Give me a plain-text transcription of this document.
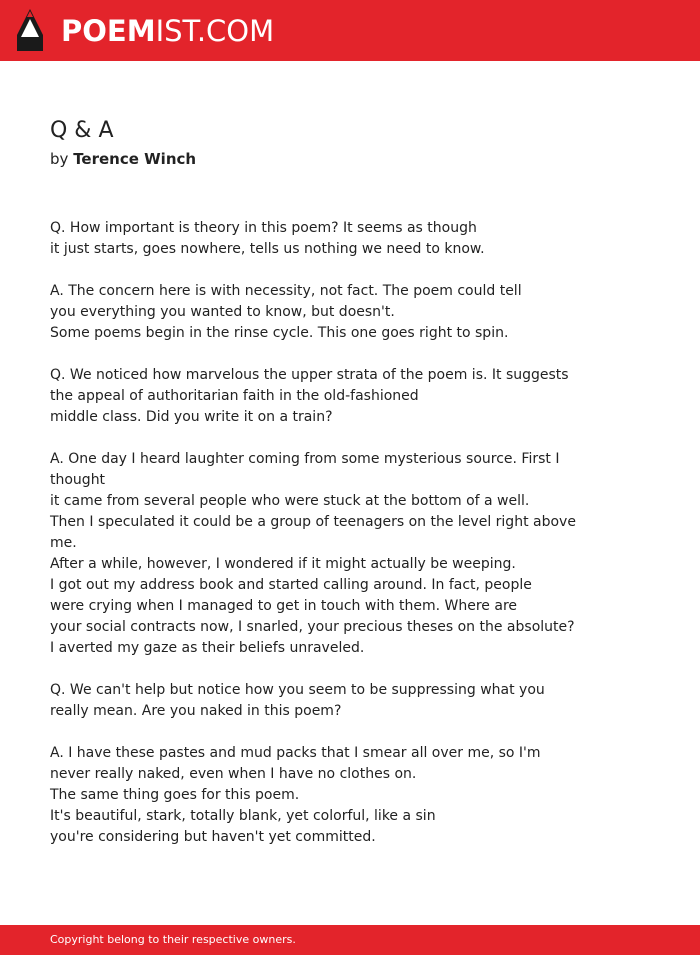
POEMIST.COM
Q & A
by Terence Winch
Q. How important is theory in this poem? It seems as though
it just starts, goes nowhere, tells us nothing we need to know.
A. The concern here is with necessity, not fact. The poem could tell
you everything you wanted to know, but doesn't.
Some poems begin in the rinse cycle. This one goes right to spin.
Q. We noticed how marvelous the upper strata of the poem is. It suggests
the appeal of authoritarian faith in the old-fashioned
middle class. Did you write it on a train?
A. One day I heard laughter coming from some mysterious source. First I
thought
it came from several people who were stuck at the bottom of a well.
Then I speculated it could be a group of teenagers on the level right above
me.
After a while, however, I wondered if it might actually be weeping.
I got out my address book and started calling around. In fact, people
were crying when I managed to get in touch with them. Where are
your social contracts now, I snarled, your precious theses on the absolute?
I averted my gaze as their beliefs unraveled.
Q. We can't help but notice how you seem to be suppressing what you
really mean. Are you naked in this poem?
A. I have these pastes and mud packs that I smear all over me, so I'm
never really naked, even when I have no clothes on.
The same thing goes for this poem.
It's beautiful, stark, totally blank, yet colorful, like a sin
you're considering but haven't yet committed.
Copyright belong to their respective owners.
